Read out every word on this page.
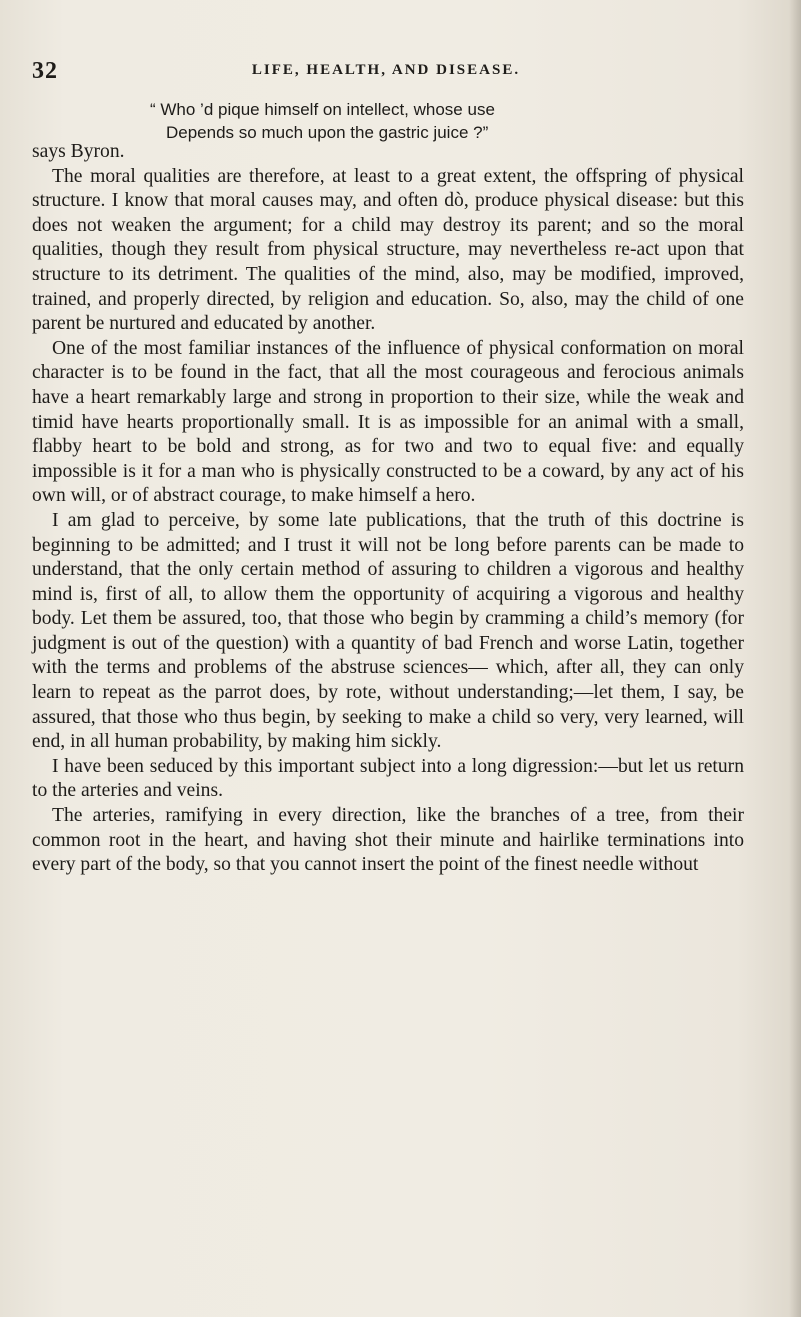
32	LIFE, HEALTH, AND DISEASE.
“ Who ’d pique himself on intellect, whose use
Depends so much upon the gastric juice ?”

says Byron.

The moral qualities are therefore, at least to a great extent, the offspring of physical structure. I know that moral causes may, and often dò, produce physical disease: but this does not weaken the argument; for a child may destroy its parent; and so the moral qualities, though they result from physical structure, may nevertheless re-act upon that structure to its detriment. The qualities of the mind, also, may be modified, improved, trained, and properly directed, by religion and education. So, also, may the child of one parent be nurtured and educated by another.

One of the most familiar instances of the influence of physical conformation on moral character is to be found in the fact, that all the most courageous and ferocious animals have a heart remarkably large and strong in proportion to their size, while the weak and timid have hearts proportionally small. It is as impossible for an animal with a small, flabby heart to be bold and strong, as for two and two to equal five: and equally impossible is it for a man who is physically constructed to be a coward, by any act of his own will, or of abstract courage, to make himself a hero.

I am glad to perceive, by some late publications, that the truth of this doctrine is beginning to be admitted; and I trust it will not be long before parents can be made to understand, that the only certain method of assuring to children a vigorous and healthy mind is, first of all, to allow them the opportunity of acquiring a vigorous and healthy body. Let them be assured, too, that those who begin by cramming a child’s memory (for judgment is out of the question) with a quantity of bad French and worse Latin, together with the terms and problems of the abstruse sciences— which, after all, they can only learn to repeat as the parrot does, by rote, without understanding;—let them, I say, be assured, that those who thus begin, by seeking to make a child so very, very learned, will end, in all human probability, by making him sickly.

I have been seduced by this important subject into a long digression:—but let us return to the arteries and veins.

The arteries, ramifying in every direction, like the branches of a tree, from their common root in the heart, and having shot their minute and hairlike terminations into every part of the body, so that you cannot insert the point of the finest needle without
